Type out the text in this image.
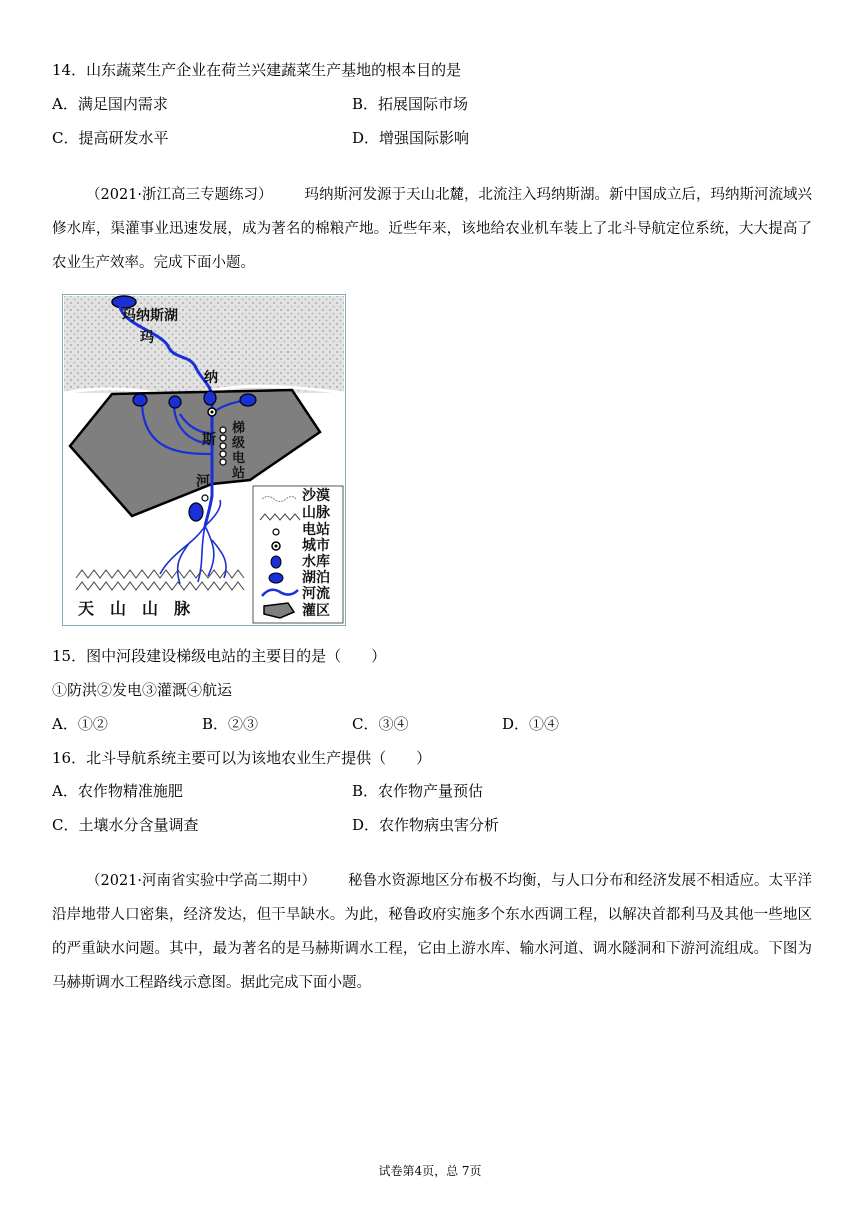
14．山东蔬菜生产企业在荷兰兴建蔬菜生产基地的根本目的是
A．满足国内需求	B．拓展国际市场
C．提高研发水平	D．增强国际影响
（2021·浙江高三专题练习） 玛纳斯河发源于天山北麓，北流注入玛纳斯湖。新中国成立后，玛纳斯河流域兴修水库，渠灌事业迅速发展，成为著名的棉粮产地。近些年来，该地给农业机车装上了北斗导航定位系统，大大提高了农业生产效率。完成下面小题。
玛纳斯湖
玛
纳
斯
河
梯
级
电
站
天　山　山　脉
沙漠
山脉
电站
城市
水库
湖泊
河流
灌区
15．图中河段建设梯级电站的主要目的是（　　）
①防洪②发电③灌溉④航运
A．①②	B．②③	C．③④	D．①④
16．北斗导航系统主要可以为该地农业生产提供（　　）
A．农作物精准施肥	B．农作物产量预估
C．土壤水分含量调查	D．农作物病虫害分析
（2021·河南省实验中学高二期中） 秘鲁水资源地区分布极不均衡，与人口分布和经济发展不相适应。太平洋沿岸地带人口密集，经济发达，但干旱缺水。为此，秘鲁政府实施多个东水西调工程，以解决首都利马及其他一些地区的严重缺水问题。其中，最为著名的是马赫斯调水工程，它由上游水库、输水河道、调水隧洞和下游河流组成。下图为马赫斯调水工程路线示意图。据此完成下面小题。
试卷第4页，总 7页
